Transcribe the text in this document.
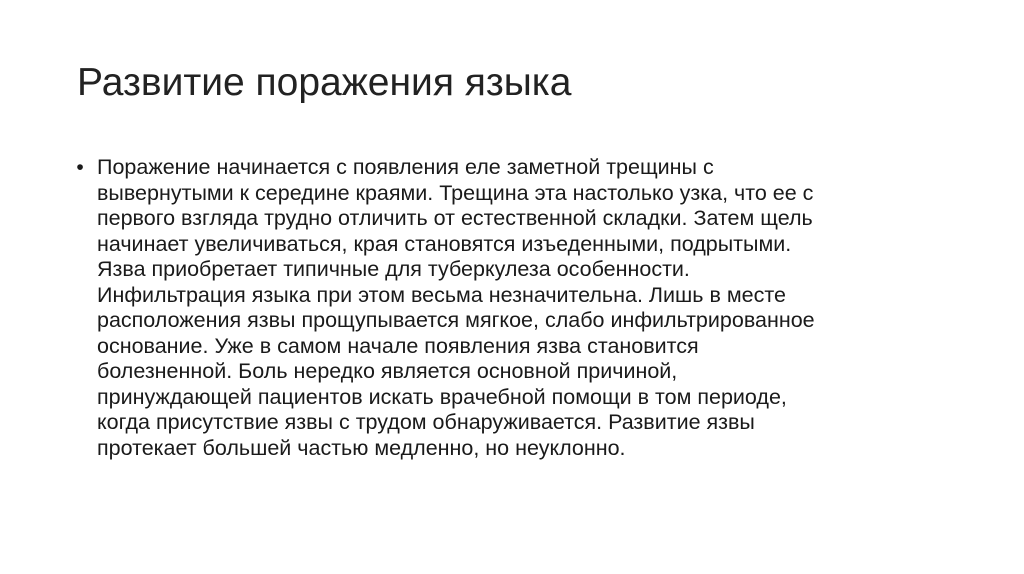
Развитие поражения языка
• Поражение начинается с появления еле заметной трещины с
вывернутыми к середине краями. Трещина эта настолько узка, что ее с
первого взгляда трудно отличить от естественной складки. Затем щель
начинает увеличиваться, края становятся изъеденными, подрытыми.
Язва приобретает типичные для туберкулеза особенности.
Инфильтрация языка при этом весьма незначительна. Лишь в месте
расположения язвы прощупывается мягкое, слабо инфильтрированное
основание. Уже в самом начале появления язва становится
болезненной. Боль нередко является основной причиной,
принуждающей пациентов искать врачебной помощи в том периоде,
когда присутствие язвы с трудом обнаруживается. Развитие язвы
протекает большей частью медленно, но неуклонно.
